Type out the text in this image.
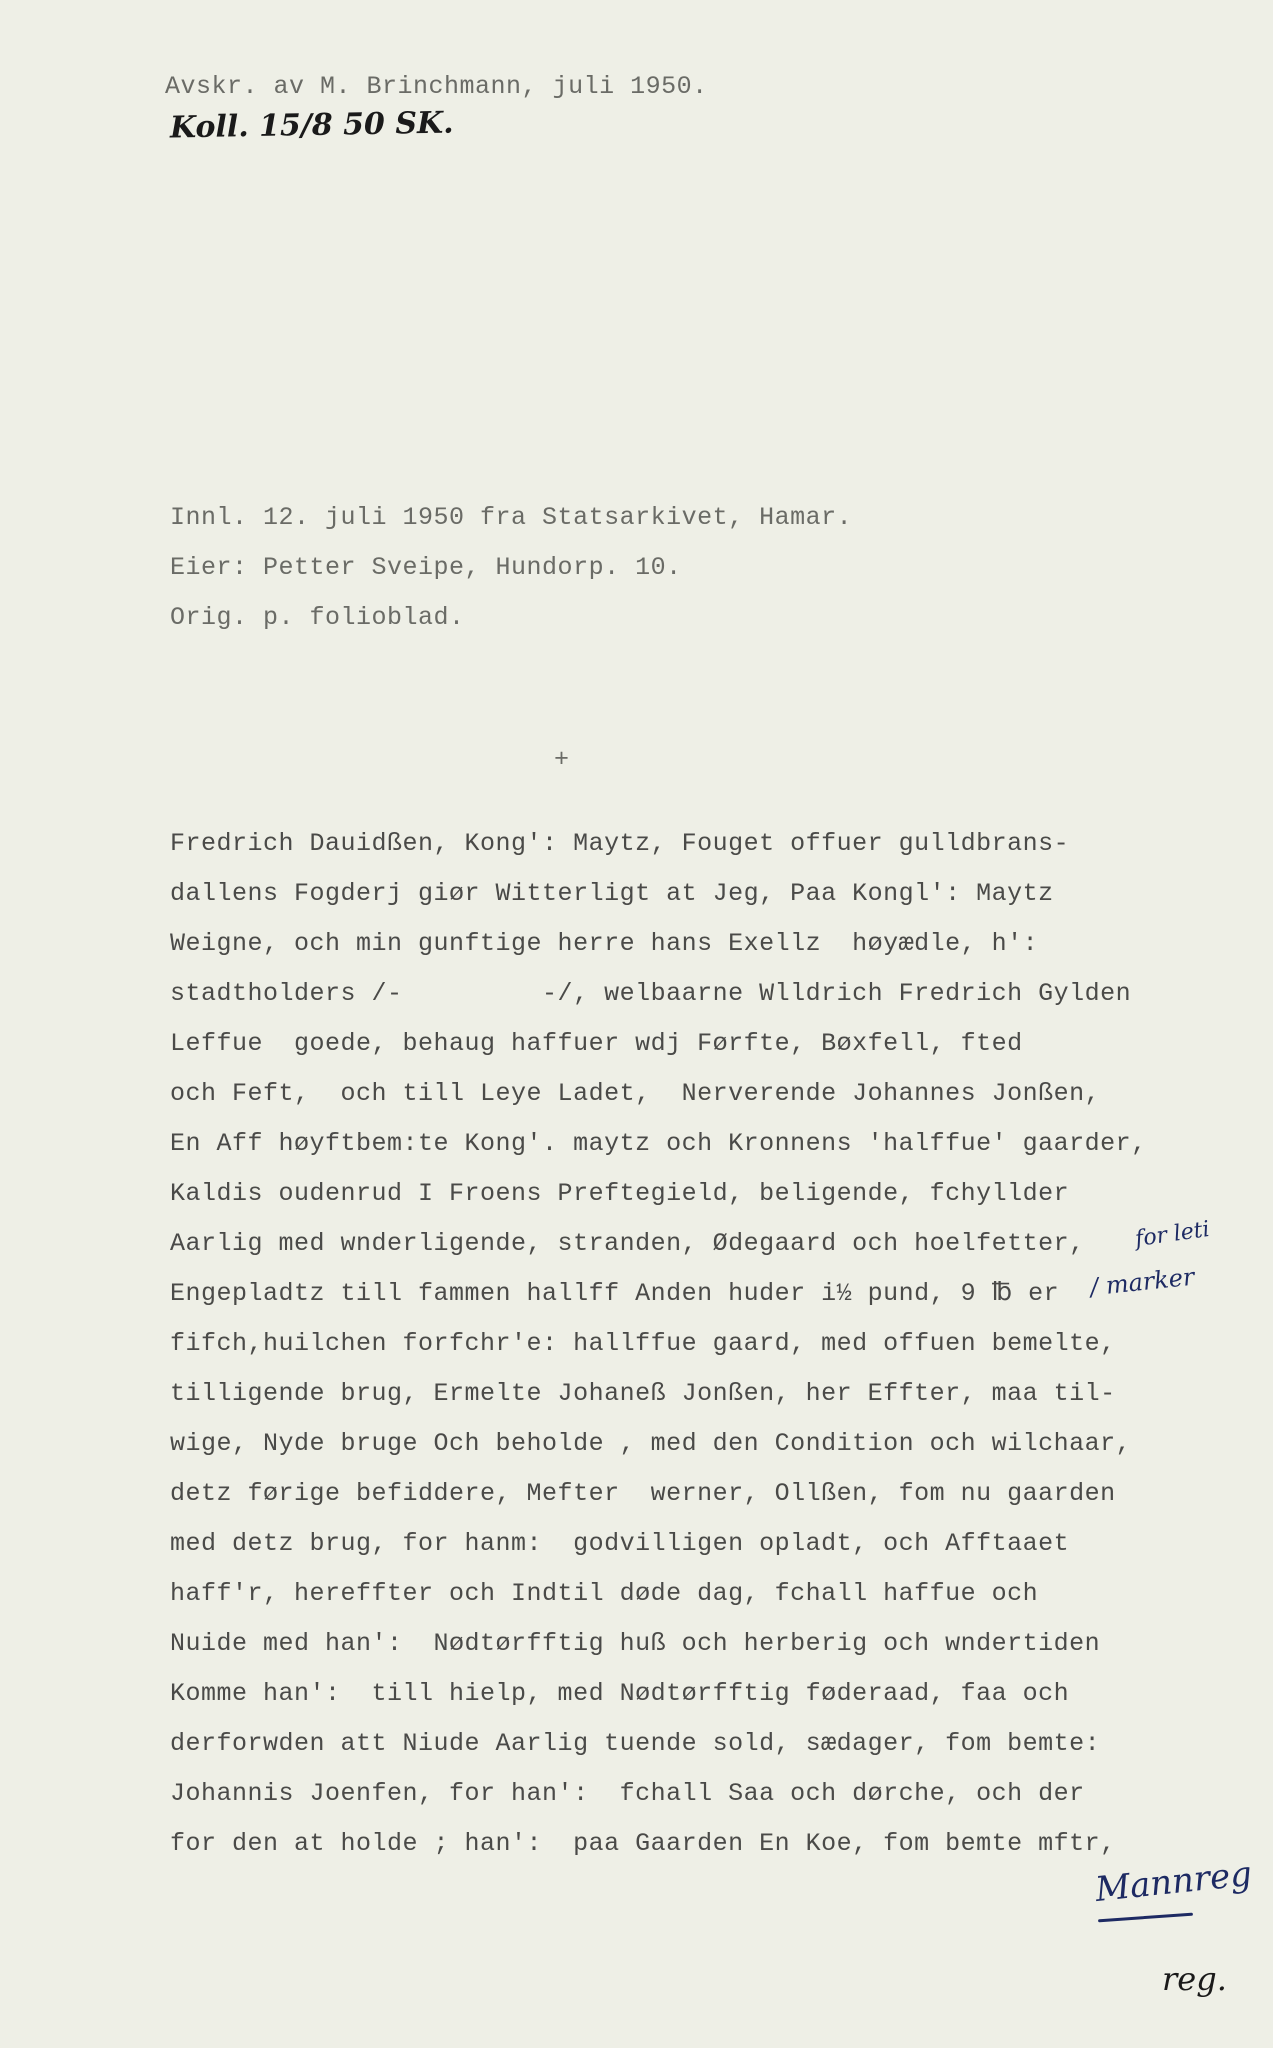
Avskr. av M. Brinchmann, juli 1950.
Koll. 15/8 50 SK.
Innl. 12. juli 1950 fra Statsarkivet, Hamar.
Eier: Petter Sveipe, Hundorp. 10.
Orig. p. folioblad.
+
Fredrich Dauidßen, Kong': Maytz, Fouget offuer gulldbrans-
dallens Fogderj giør Witterligt at Jeg, Paa Kongl': Maytz
Weigne, och min gunftige herre hans Exellz  høyædle, h':
stadtholders /-         -/, welbaarne Wlldrich Fredrich Gylden
Leffue  goede, behaug haffuer wdj Førfte, Bøxfell, fted
och Feft,  och till Leye Ladet,  Nerverende Johannes Jonßen,
En Aff høyftbem:te Kong'. maytz och Kronnens 'halffue' gaarder,
Kaldis oudenrud I Froens Preftegield, beligende, fchyllder
Aarlig med wnderligende, stranden, Ødegaard och hoelfetter,
Engepladtz till fammen hallff Anden huder i½ pund, 9 ℔ er
fifch,huilchen forfchr'e: hallffue gaard, med offuen bemelte,
tilligende brug, Ermelte Johaneß Jonßen, her Effter, maa til-
wige, Nyde bruge Och beholde , med den Condition och wilchaar,
detz førige befiddere, Mefter  werner, Ollßen, fom nu gaarden
med detz brug, for hanm:  godvilligen opladt, och Afftaaet
haff'r, hereffter och Indtil døde dag, fchall haffue och
Nuide med han':  Nødtørfftig huß och herberig och wndertiden
Komme han':  till hielp, med Nødtørfftig føderaad, faa och
derforwden att Niude Aarlig tuende sold, sædager, fom bemte:
Johannis Joenfen, for han':  fchall Saa och dørche, och der
for den at holde ; han':  paa Gaarden En Koe, fom bemte mftr,
for leti
/ marker
Mannreg
reg.
